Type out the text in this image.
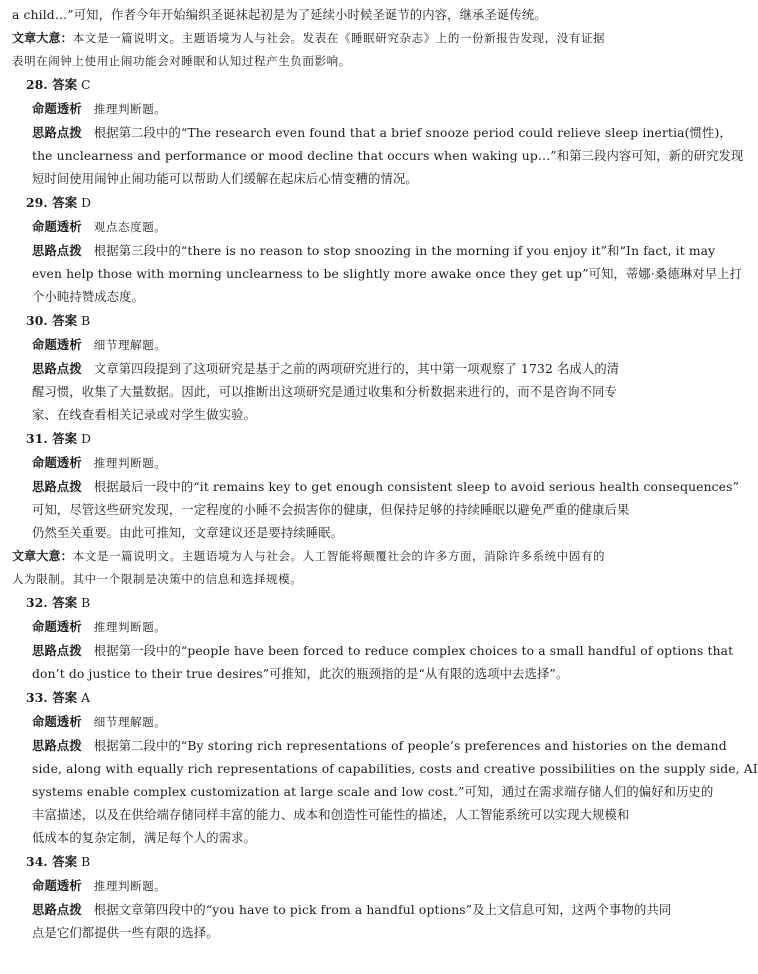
a child…”可知，作者今年开始编织圣诞袜起初是为了延续小时候圣诞节的内容，继承圣诞传统。
文章大意：本文是一篇说明文。主题语境为人与社会。发表在《睡眠研究杂志》上的一份新报告发现，没有证据
表明在闹钟上使用止闹功能会对睡眠和认知过程产生负面影响。
28. 答案 C
命题透析 推理判断题。
思路点拨 根据第二段中的“The research even found that a brief snooze period could relieve sleep inertia(惯性)，
the unclearness and performance or mood decline that occurs when waking up…”和第三段内容可知，新的研究发现
短时间使用闹钟止闹功能可以帮助人们缓解在起床后心情变糟的情况。
29. 答案 D
命题透析 观点态度题。
思路点拨 根据第三段中的“there is no reason to stop snoozing in the morning if you enjoy it”和“In fact, it may
even help those with morning unclearness to be slightly more awake once they get up”可知，蒂娜·桑德琳对早上打
个小盹持赞成态度。
30. 答案 B
命题透析 细节理解题。
思路点拨 文章第四段提到了这项研究是基于之前的两项研究进行的，其中第一项观察了 1732 名成人的清
醒习惯，收集了大量数据。因此，可以推断出这项研究是通过收集和分析数据来进行的，而不是咨询不同专
家、在线查看相关记录或对学生做实验。
31. 答案 D
命题透析 推理判断题。
思路点拨 根据最后一段中的“it remains key to get enough consistent sleep to avoid serious health consequences”
可知，尽管这些研究发现，一定程度的小睡不会损害你的健康，但保持足够的持续睡眠以避免严重的健康后果
仍然至关重要。由此可推知，文章建议还是要持续睡眠。
文章大意：本文是一篇说明文。主题语境为人与社会。人工智能将颠覆社会的许多方面，消除许多系统中固有的
人为限制。其中一个限制是决策中的信息和选择规模。
32. 答案 B
命题透析 推理判断题。
思路点拨 根据第一段中的“people have been forced to reduce complex choices to a small handful of options that
don’t do justice to their true desires”可推知，此次的瓶颈指的是“从有限的选项中去选择”。
33. 答案 A
命题透析 细节理解题。
思路点拨 根据第二段中的“By storing rich representations of people’s preferences and histories on the demand
side, along with equally rich representations of capabilities, costs and creative possibilities on the supply side, AI
systems enable complex customization at large scale and low cost.”可知，通过在需求端存储人们的偏好和历史的
丰富描述，以及在供给端存储同样丰富的能力、成本和创造性可能性的描述，人工智能系统可以实现大规模和
低成本的复杂定制，满足每个人的需求。
34. 答案 B
命题透析 推理判断题。
思路点拨 根据文章第四段中的“you have to pick from a handful options”及上文信息可知，这两个事物的共同
点是它们都提供一些有限的选择。
